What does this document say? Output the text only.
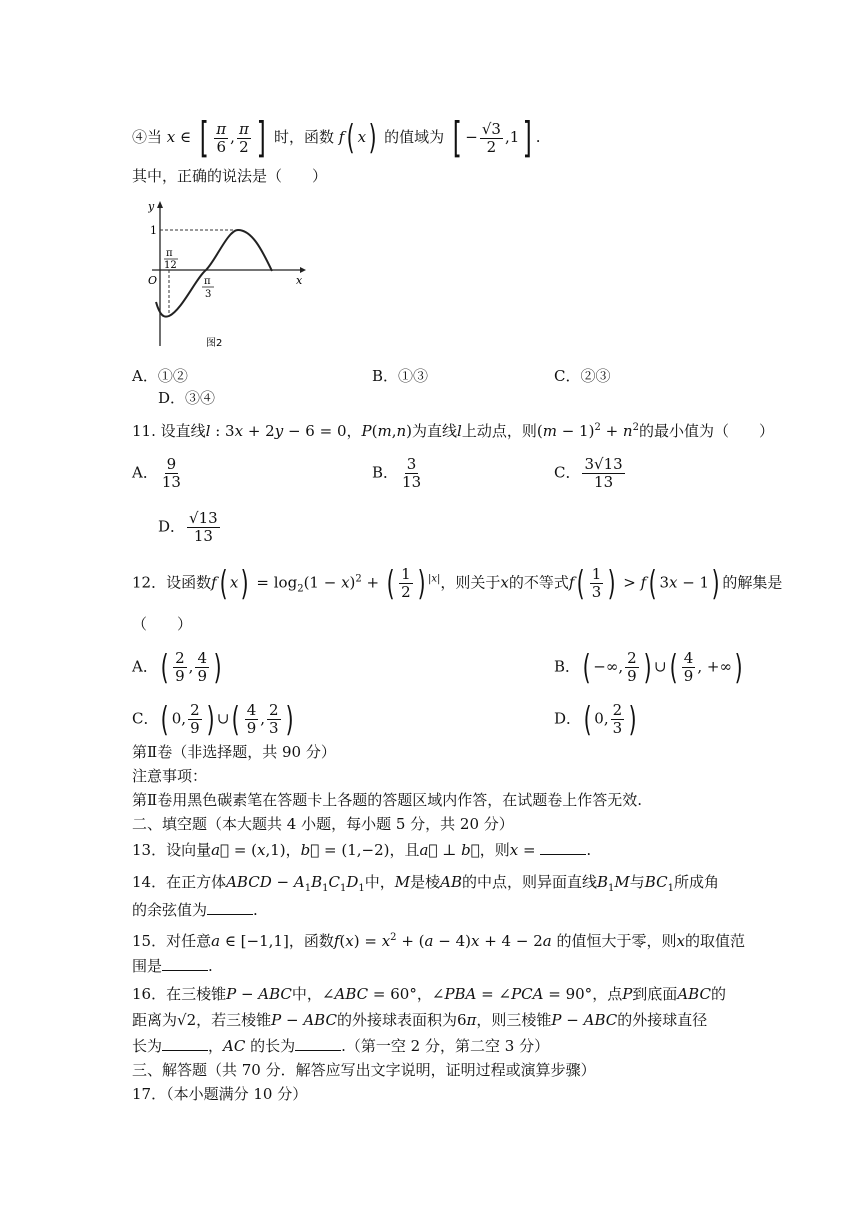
④当 x ∈ [ $\frac{\pi}{6}$ , $\frac{\pi}{2}$ ] 时，函数 f( x) 的值域为 [ − $\frac{√3}{2} ,1$] .
其中，正确的说法是（　　）
y
x
O
1
π
12
π
3
图2
A．①②	B．①③	C．②③
D．③④
11. 设直线l : 3x + 2y − 6 = 0，P(m,n)为直线l上动点，则$(m - 1)^2 + n^2$的最小值为（　　）
A． $\frac{9}{13}$	B． $\frac{3}{13}$	C． $\frac{3√13}{13}$
D． $\frac{√13}{13}$
12．设函数f( $x) = \log_2(1 - x)^2$ + ( $\frac{1}{2}$ ) $^{|x|}$，则关于x的不等式$f( \frac{1}{3}$ ) > f( 3x − 1) 的解集是
（　　）
A．( $\frac{2}{9}$ , $\frac{4}{9}$ )	B．( −∞, $\frac{2}{9}$ ) ∪( $\frac{4}{9}$ , +∞)
C．( 0, $\frac{2}{9}$ ) ∪( $\frac{4}{9}$ , $\frac{2}{3}$ )	D．( 0, $\frac{2}{3}$ )
第Ⅱ卷（非选择题，共 90 分）
注意事项：
第Ⅱ卷用黑色碳素笔在答题卡上各题的答题区域内作答，在试题卷上作答无效.
二、填空题（本大题共 4 小题，每小题 5 分，共 20 分）
13．设向量a⃗ = (x,1)，b⃗ = (1,−2)，且a⃗ ⊥ b⃗，则x =	.
14．在正方体ABCD − $A_1B_1C_1D_1$中，M是棱AB的中点，则异面直线$B_1M$与$BC_1$所成角
的余弦值为	.
15．对任意a ∈ [−1,1]，函数$f(x) = x^2 + (a - 4)x + 4 - 2a$ 的值恒大于零，则x的取值范
围是	.
16．在三棱锥P − ABC中，∠ABC = 60°，∠PBA = ∠PCA = 90°，点P到底面ABC的
距离为√2，若三棱锥P − ABC的外接球表面积为6π，则三棱锥P − ABC的外接球直径
长为	，AC 的长为	.（第一空 2 分，第二空 3 分）
三、解答题（共 70 分．解答应写出文字说明，证明过程或演算步骤）
17．（本小题满分 10 分）
